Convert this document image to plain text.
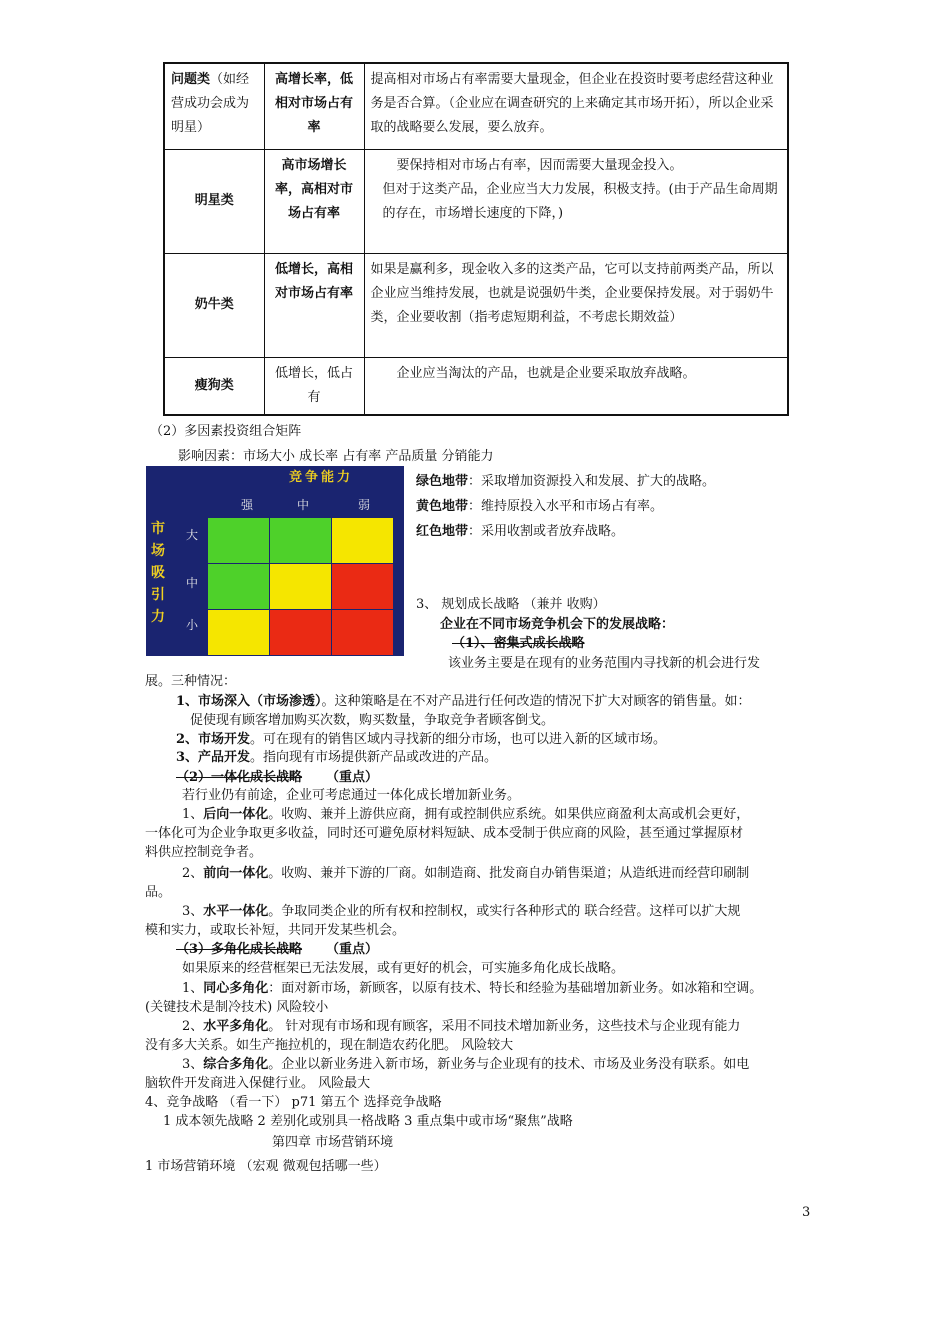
问题类（如经营成功会成为明星）	高增长率，低相对市场占有率	提高相对市场占有率需要大量现金，但企业在投资时要考虑经营这种业务是否合算。（企业应在调查研究的上来确定其市场开拓），所以企业采取的战略要么发展，要么放弃。
明星类	高市场增长率，高相对市场占有率	要保持相对市场占有率，因而需要大量现金投入。
但对于这类产品，企业应当大力发展，积极支持。(由于产品生命周期的存在，市场增长速度的下降，)

奶牛类	低增长，高相对市场占有率	如果是赢利多，现金收入多的这类产品，它可以支持前两类产品，所以企业应当维持发展，也就是说强奶牛类，企业要保持发展。对于弱奶牛类，企业要收割（指考虑短期利益，不考虑长期效益）
瘦狗类	低增长，低占有	企业应当淘汰的产品，也就是企业要采取放弃战略。
（2）多因素投资组合矩阵
影响因素：市场大小 成长率 占有率 产品质量 分销能力
竞争能力
强	中	弱
市
场
吸
引
力
大
中
小
绿色地带：采取增加资源投入和发展、扩大的战略。
黄色地带：维持原投入水平和市场占有率。
红色地带：采用收割或者放弃战略。
3、 规划成长战略 （兼并 收购）
企业在不同市场竞争机会下的发展战略：
（1）、密集式成长战略
该业务主要是在现有的业务范围内寻找新的机会进行发
展。三种情况：
1、市场深入（市场渗透）。这种策略是在不对产品进行任何改造的情况下扩大对顾客的销售量。如：
促使现有顾客增加购买次数，购买数量，争取竞争者顾客倒戈。
2、市场开发。可在现有的销售区域内寻找新的细分市场，也可以进入新的区域市场。
3、产品开发。指向现有市场提供新产品或改进的产品。
（2）一体化成长战略 （重点）
若行业仍有前途，企业可考虑通过一体化成长增加新业务。
1、后向一体化。收购、兼并上游供应商，拥有或控制供应系统。如果供应商盈利太高或机会更好，
一体化可为企业争取更多收益，同时还可避免原材料短缺、成本受制于供应商的风险，甚至通过掌握原材
料供应控制竞争者。
2、前向一体化。收购、兼并下游的厂商。如制造商、批发商自办销售渠道；从造纸进而经营印刷制
品。
3、水平一体化。争取同类企业的所有权和控制权，或实行各种形式的 联合经营。这样可以扩大规
模和实力，或取长补短，共同开发某些机会。
（3）多角化成长战略 （重点）
如果原来的经营框架已无法发展，或有更好的机会，可实施多角化成长战略。
1、同心多角化：面对新市场，新顾客，以原有技术、特长和经验为基础增加新业务。如冰箱和空调。
(关键技术是制冷技术) 风险较小
2、水平多角化。 针对现有市场和现有顾客，采用不同技术增加新业务，这些技术与企业现有能力
没有多大关系。如生产拖拉机的，现在制造农药化肥。 风险较大
3、综合多角化。企业以新业务进入新市场，新业务与企业现有的技术、市场及业务没有联系。如电
脑软件开发商进入保健行业。 风险最大
4、竞争战略 （看一下） p71 第五个 选择竞争战略
1 成本领先战略 2 差别化或别具一格战略 3 重点集中或市场“聚焦”战略
第四章 市场营销环境
1 市场营销环境 （宏观 微观包括哪一些）
3
